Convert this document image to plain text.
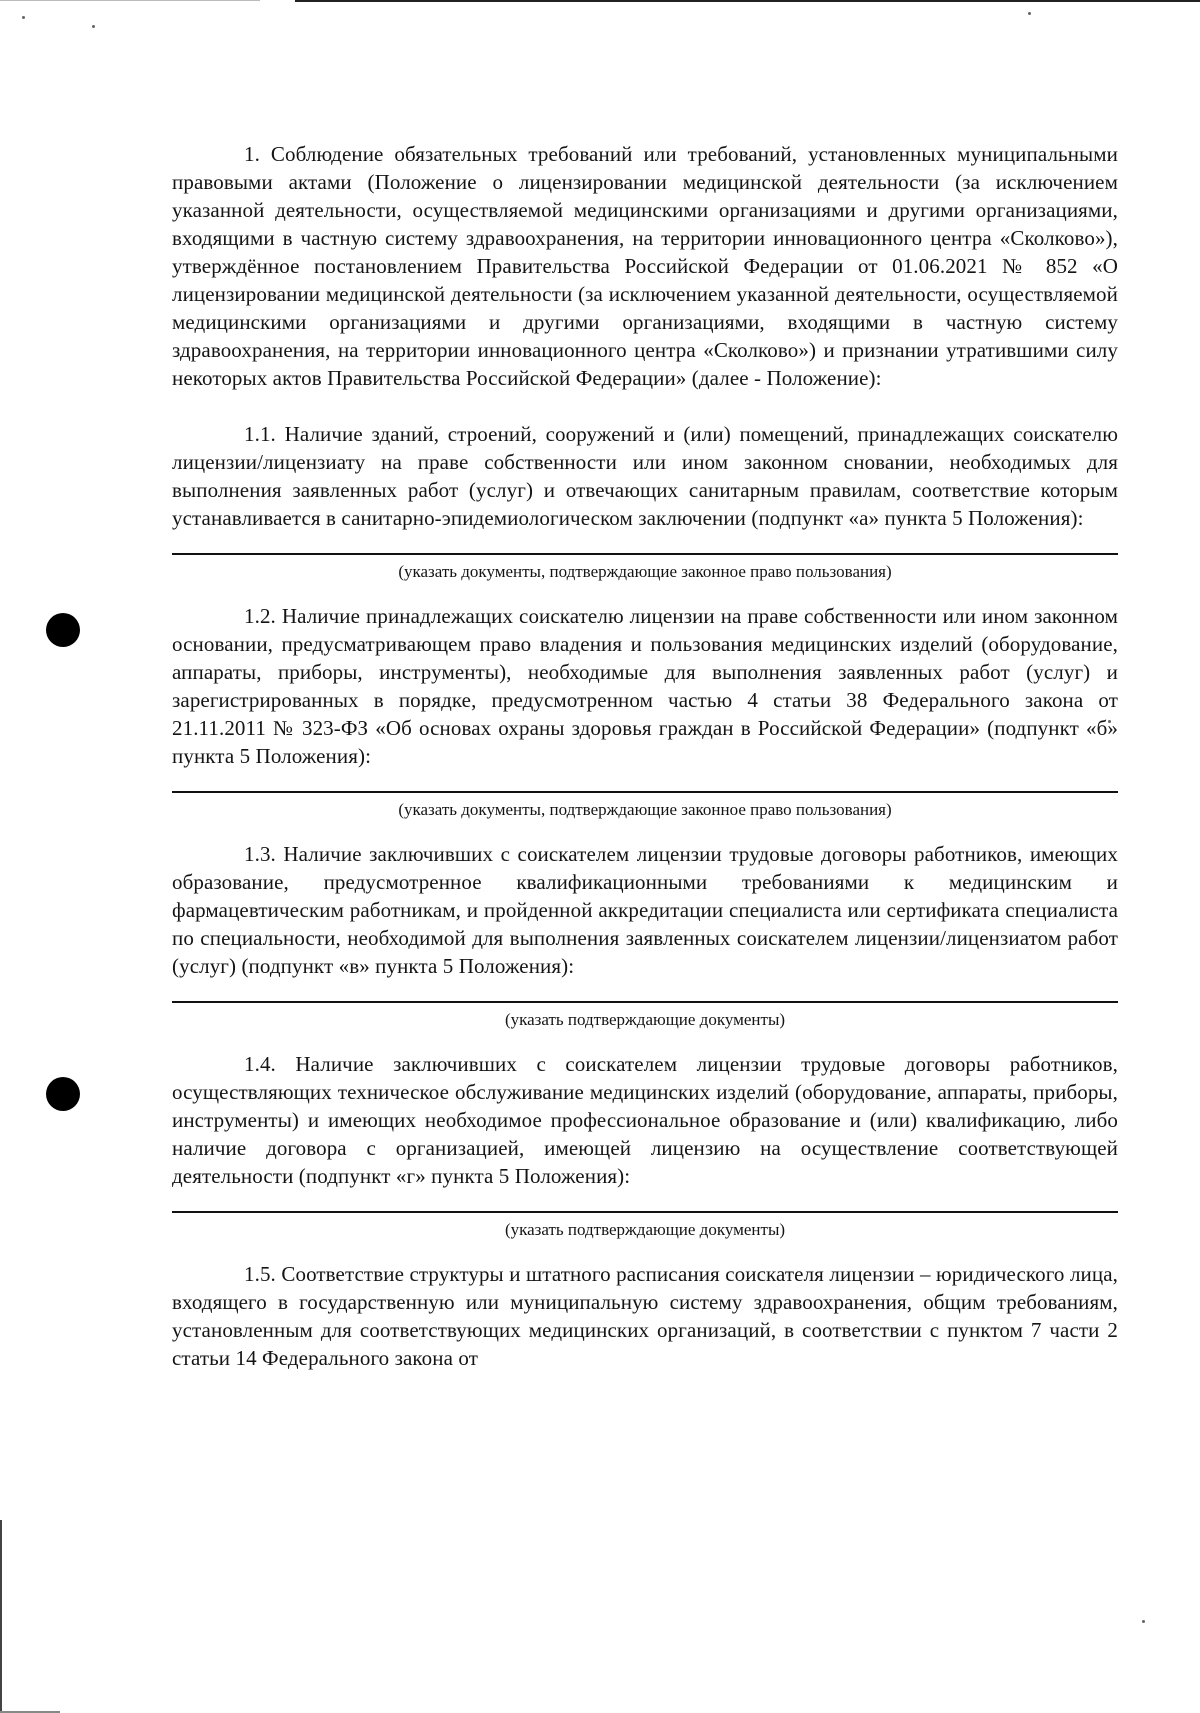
1. Соблюдение обязательных требований или требований, установленных муниципальными правовыми актами (Положение о лицензировании медицинской деятельности (за исключением указанной деятельности, осуществляемой медицинскими организациями и другими организациями, входящими в частную систему здравоохранения, на территории инновационного центра «Сколково»), утверждённое постановлением Правительства Российской Федерации от 01.06.2021 № 852 «О лицензировании медицинской деятельности (за исключением указанной деятельности, осуществляемой медицинскими организациями и другими организациями, входящими в частную систему здравоохранения, на территории инновационного центра «Сколково») и признании утратившими силу некоторых актов Правительства Российской Федерации» (далее - Положение):

1.1. Наличие зданий, строений, сооружений и (или) помещений, принадлежащих соискателю лицензии/лицензиату на праве собственности или ином законном сновании, необходимых для выполнения заявленных работ (услуг) и отвечающих санитарным правилам, соответствие которым устанавливается в санитарно-эпидемиологическом заключении (подпункт «а» пункта 5 Положения):

(указать документы, подтверждающие законное право пользования)

1.2. Наличие принадлежащих соискателю лицензии на праве собственности или ином законном основании, предусматривающем право владения и пользования медицинских изделий (оборудование, аппараты, приборы, инструменты), необходимые для выполнения заявленных работ (услуг) и зарегистрированных в порядке, предусмотренном частью 4 статьи 38 Федерального закона от 21.11.2011 № 323-ФЗ «Об основах охраны здоровья граждан в Российской Федерации» (подпункт «б» пункта 5 Положения):

(указать документы, подтверждающие законное право пользования)

1.3. Наличие заключивших с соискателем лицензии трудовые договоры работников, имеющих образование, предусмотренное квалификационными требованиями к медицинским и фармацевтическим работникам, и пройденной аккредитации специалиста или сертификата специалиста по специальности, необходимой для выполнения заявленных соискателем лицензии/лицензиатом работ (услуг) (подпункт «в» пункта 5 Положения):

(указать подтверждающие документы)

1.4. Наличие заключивших с соискателем лицензии трудовые договоры работников, осуществляющих техническое обслуживание медицинских изделий (оборудование, аппараты, приборы, инструменты) и имеющих необходимое профессиональное образование и (или) квалификацию, либо наличие договора с организацией, имеющей лицензию на осуществление соответствующей деятельности (подпункт «г» пункта 5 Положения):

(указать подтверждающие документы)

1.5. Соответствие структуры и штатного расписания соискателя лицензии – юридического лица, входящего в государственную или муниципальную систему здравоохранения, общим требованиям, установленным для соответствующих медицинских организаций, в соответствии с пунктом 7 части 2 статьи 14 Федерального закона от
